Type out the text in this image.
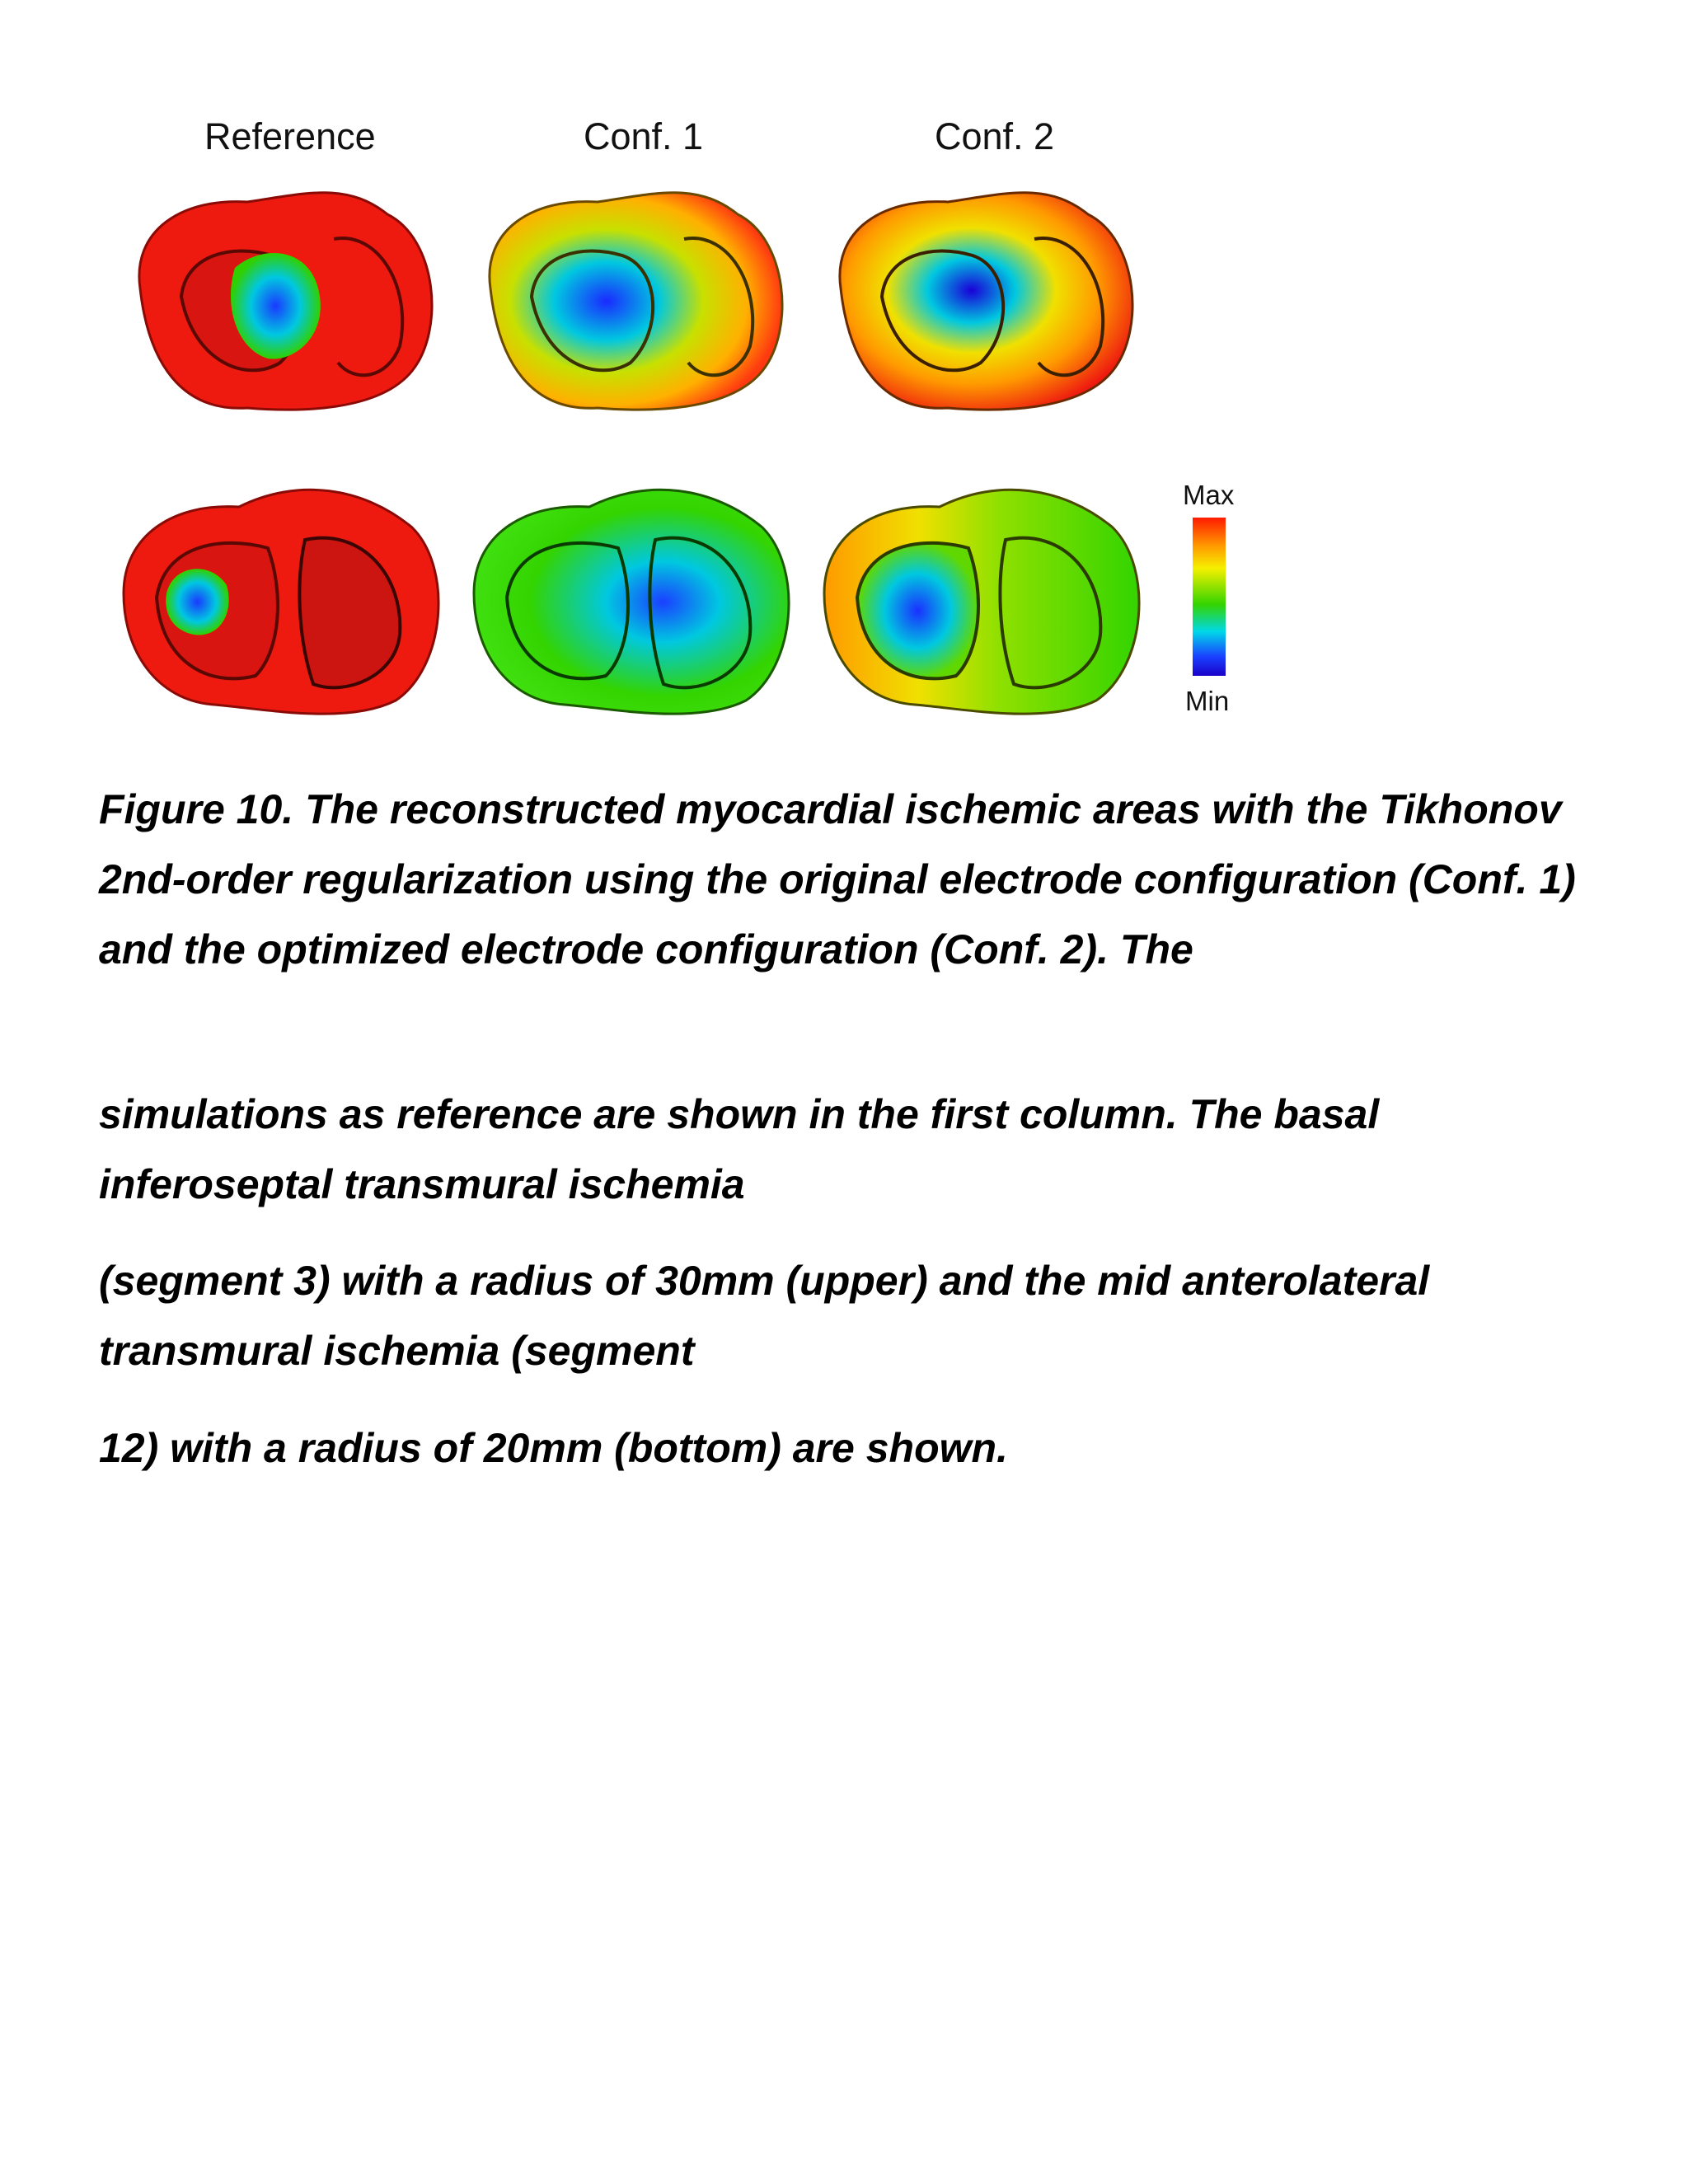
Reference	Conf. 1	Conf. 2
Max
Min

Figure 10. The reconstructed myocardial ischemic areas with the Tikhonov 2nd-order regularization using the original electrode configuration (Conf. 1) and the optimized electrode configuration (Conf. 2). The

simulations as reference are shown in the first column. The basal inferoseptal transmural ischemia

(segment 3) with a radius of 30mm (upper) and the mid anterolateral transmural ischemia (segment

12) with a radius of 20mm (bottom) are shown.
